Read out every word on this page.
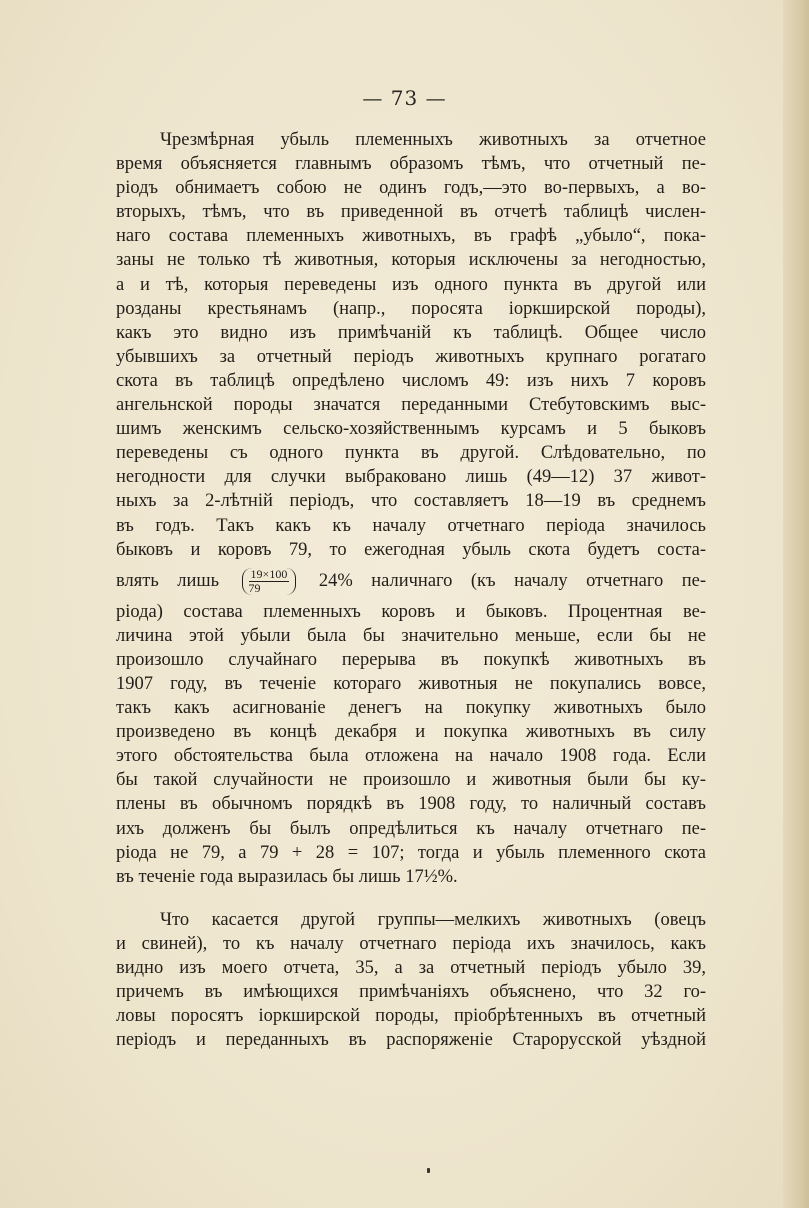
— 73 —
Чрезмѣрная убыль племенныхъ животныхъ за отчетное
время объясняется главнымъ образомъ тѣмъ, что отчетный пе-
ріодъ обнимаетъ собою не одинъ годъ,—это во-первыхъ, а во-
вторыхъ, тѣмъ, что въ приведенной въ отчетѣ таблицѣ числен-
наго состава племенныхъ животныхъ, въ графѣ „убыло“, пока-
заны не только тѣ животныя, которыя исключены за негодностью,
а и тѣ, которыя переведены изъ одного пункта въ другой или
розданы крестьянамъ (напр., поросята іоркширской породы),
какъ это видно изъ примѣчаній къ таблицѣ. Общее число
убывшихъ за отчетный періодъ животныхъ крупнаго рогатаго
скота въ таблицѣ опредѣлено числомъ 49: изъ нихъ 7 коровъ
ангельнской породы значатся переданными Стебутовскимъ выс-
шимъ женскимъ сельско-хозяйственнымъ курсамъ и 5 быковъ
переведены съ одного пункта въ другой. Слѣдовательно, по
негодности для случки выбраковано лишь (49—12) 37 живот-
ныхъ за 2-лѣтній періодъ, что составляетъ 18—19 въ среднемъ
въ годъ. Такъ какъ къ началу отчетнаго періода значилось
быковъ и коровъ 79, то ежегодная убыль скота будетъ соста-
влять лишь $\frac{19\times 100}{79} 24\%$ наличнаго (къ началу отчетнаго пе-
ріода) состава племенныхъ коровъ и быковъ. Процентная ве-
личина этой убыли была бы значительно меньше, если бы не
произошло случайнаго перерыва въ покупкѣ животныхъ въ
1907 году, въ теченіе котораго животныя не покупались вовсе,
такъ какъ асигнованіе денегъ на покупку животныхъ было
произведено въ концѣ декабря и покупка животныхъ въ силу
этого обстоятельства была отложена на начало 1908 года. Если
бы такой случайности не произошло и животныя были бы ку-
плены въ обычномъ порядкѣ въ 1908 году, то наличный составъ
ихъ долженъ бы былъ опредѣлиться къ началу отчетнаго пе-
ріода не 79, а 79 + 28 = 107; тогда и убыль племенного скота
въ теченіе года выразилась бы лишь 17½%.
Что касается другой группы—мелкихъ животныхъ (овецъ
и свиней), то къ началу отчетнаго періода ихъ значилось, какъ
видно изъ моего отчета, 35, а за отчетный періодъ убыло 39,
причемъ въ имѣющихся примѣчаніяхъ объяснено, что 32 го-
ловы поросятъ іоркширской породы, пріобрѣтенныхъ въ отчетный
періодъ и переданныхъ въ распоряженіе Старорусской уѣздной
